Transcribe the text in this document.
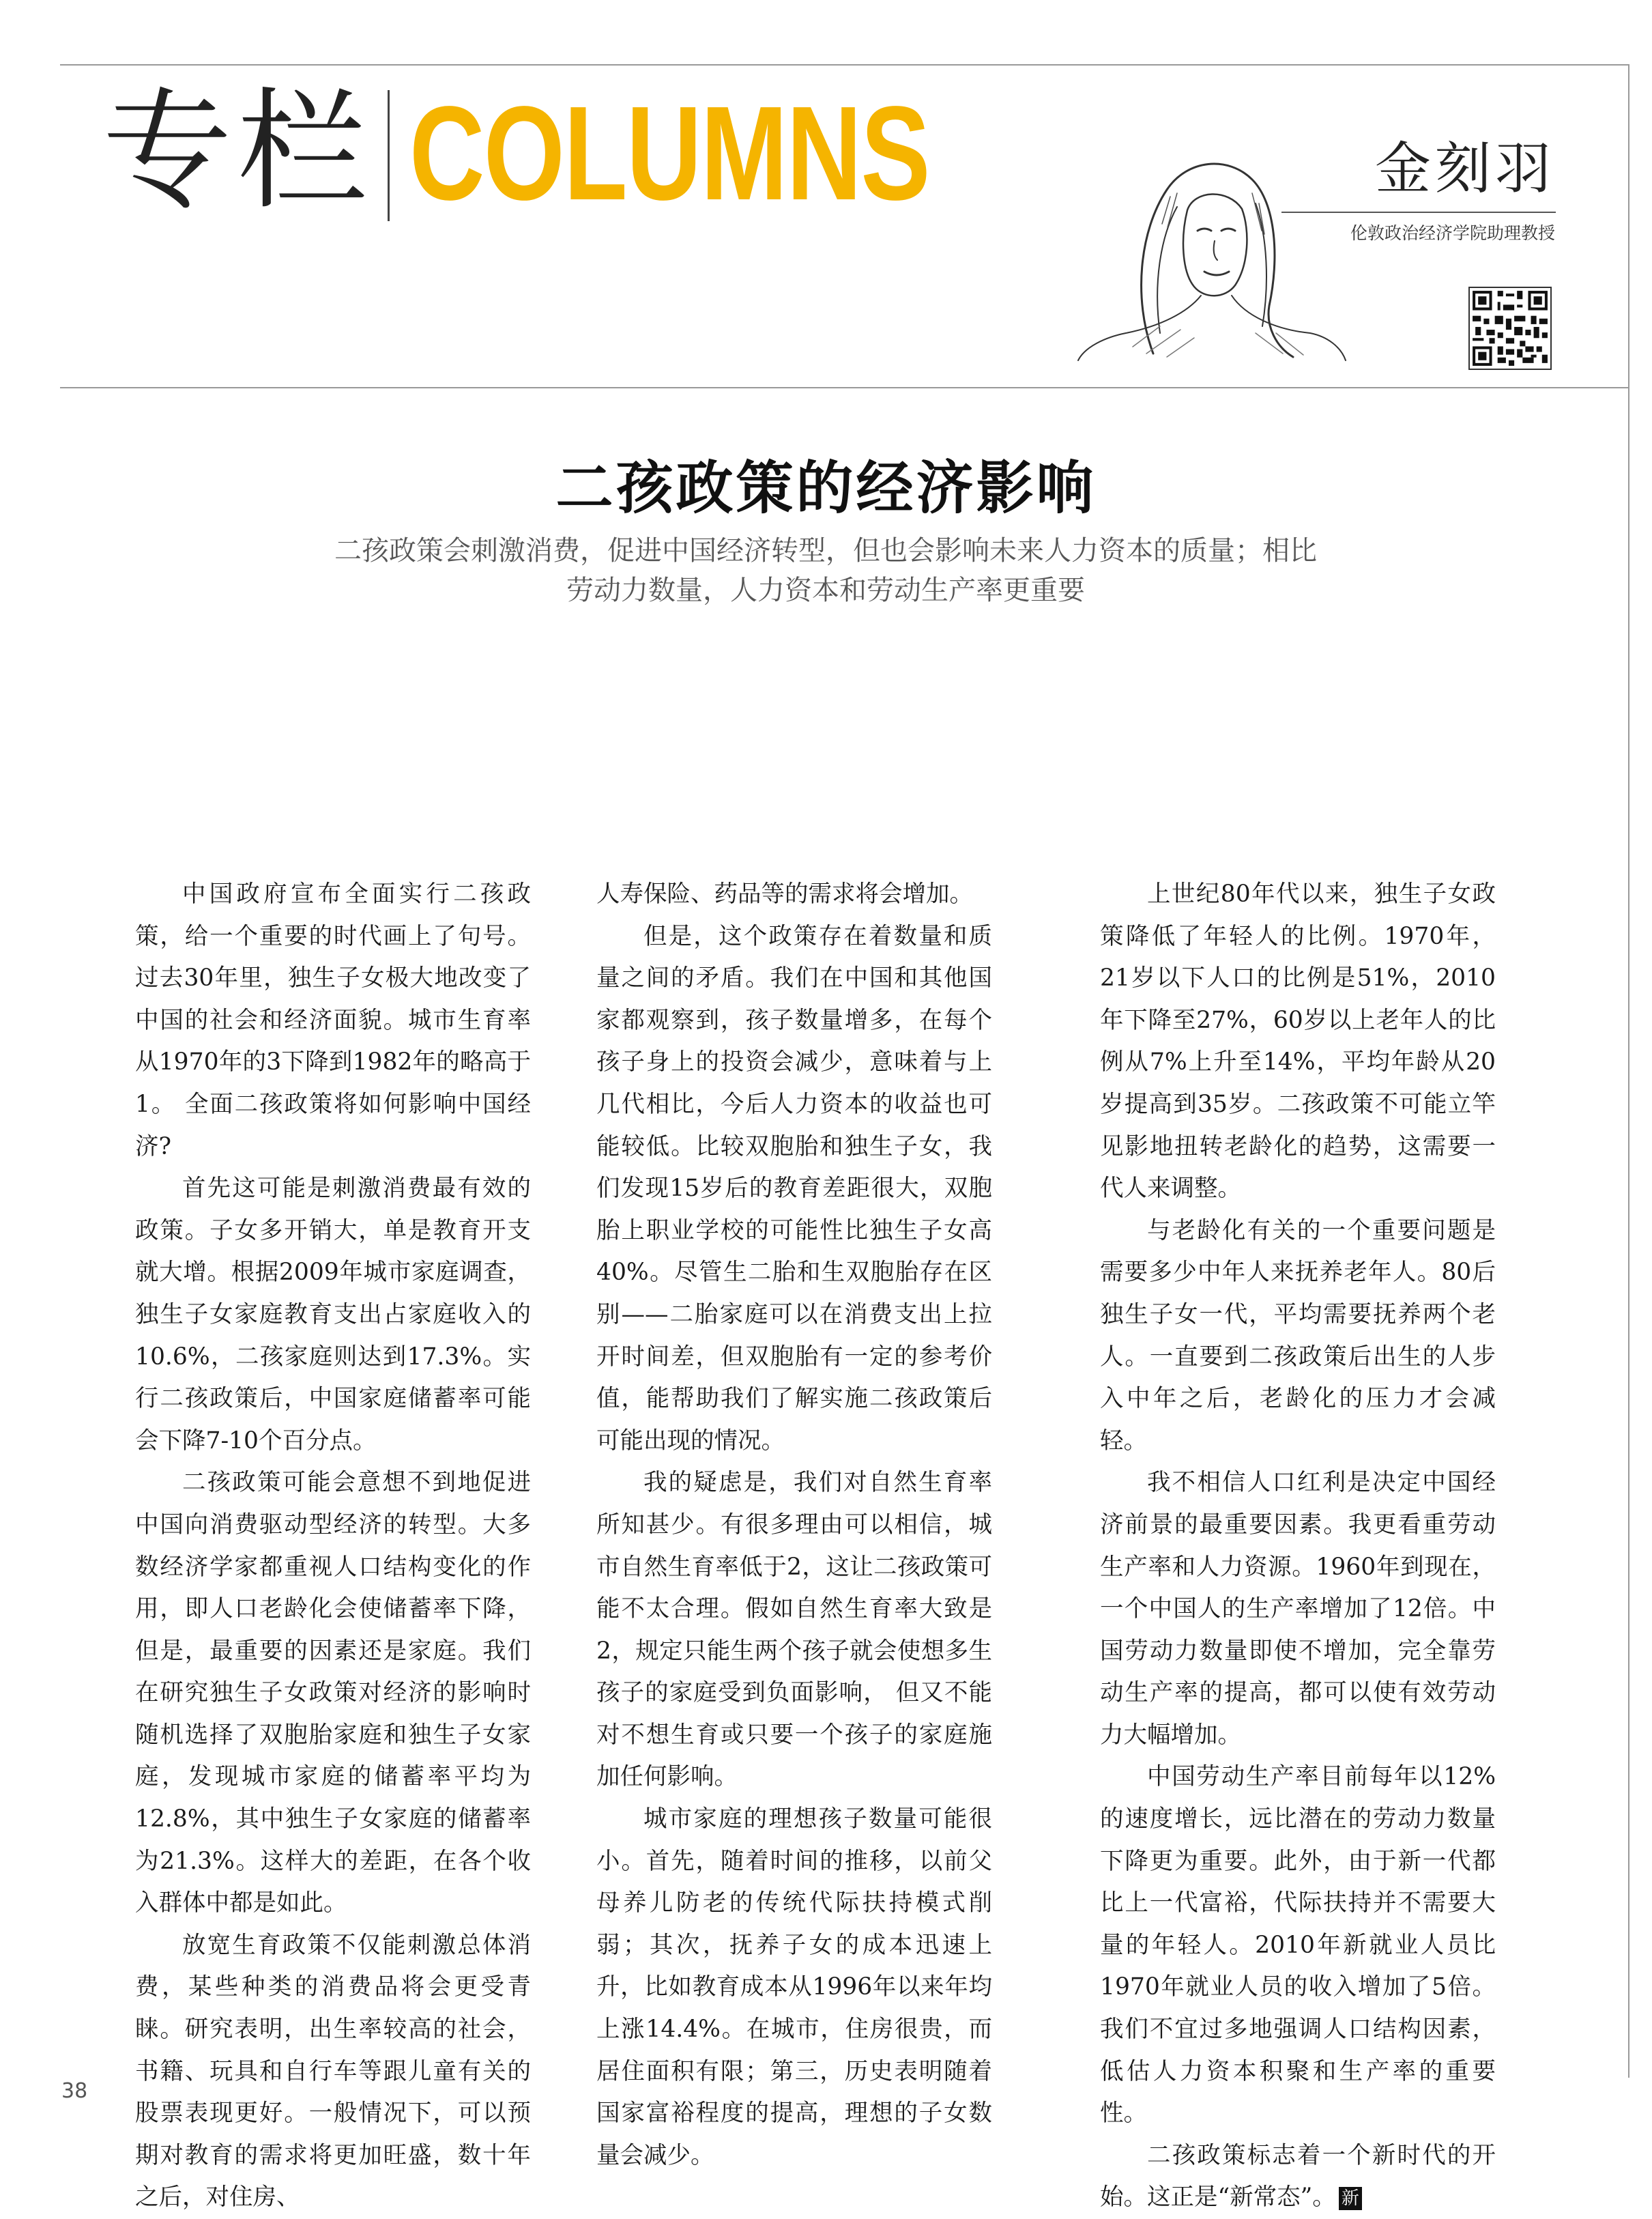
专栏 COLUMNS	金刻羽
伦敦政治经济学院助理教授
二孩政策的经济影响
二孩政策会刺激消费，促进中国经济转型，但也会影响未来人力资本的质量；相比
劳动力数量，人力资本和劳动生产率更重要

中国政府宣布全面实行二孩政策，给一个重要的时代画上了句号。过去30年里，独生子女极大地改变了中国的社会和经济面貌。城市生育率从1970年的3下降到1982年的略高于1。 全面二孩政策将如何影响中国经济?

首先这可能是刺激消费最有效的政策。子女多开销大，单是教育开支就大增。根据2009年城市家庭调查，独生子女家庭教育支出占家庭收入的10.6%，二孩家庭则达到17.3%。实行二孩政策后，中国家庭储蓄率可能会下降7-10个百分点。

二孩政策可能会意想不到地促进中国向消费驱动型经济的转型。大多数经济学家都重视人口结构变化的作用，即人口老龄化会使储蓄率下降，但是，最重要的因素还是家庭。我们在研究独生子女政策对经济的影响时随机选择了双胞胎家庭和独生子女家庭，发现城市家庭的储蓄率平均为12.8%，其中独生子女家庭的储蓄率为21.3%。这样大的差距，在各个收入群体中都是如此。

放宽生育政策不仅能刺激总体消费，某些种类的消费品将会更受青睐。研究表明，出生率较高的社会，书籍、玩具和自行车等跟儿童有关的股票表现更好。一般情况下，可以预期对教育的需求将更加旺盛，数十年之后，对住房、

人寿保险、药品等的需求将会增加。

但是，这个政策存在着数量和质量之间的矛盾。我们在中国和其他国家都观察到，孩子数量增多，在每个孩子身上的投资会减少，意味着与上几代相比，今后人力资本的收益也可能较低。比较双胞胎和独生子女，我们发现15岁后的教育差距很大，双胞胎上职业学校的可能性比独生子女高40%。尽管生二胎和生双胞胎存在区别——二胎家庭可以在消费支出上拉开时间差，但双胞胎有一定的参考价值，能帮助我们了解实施二孩政策后可能出现的情况。

我的疑虑是，我们对自然生育率所知甚少。有很多理由可以相信，城市自然生育率低于2，这让二孩政策可能不太合理。假如自然生育率大致是2，规定只能生两个孩子就会使想多生孩子的家庭受到负面影响， 但又不能对不想生育或只要一个孩子的家庭施加任何影响。

城市家庭的理想孩子数量可能很小。首先，随着时间的推移，以前父母养儿防老的传统代际扶持模式削弱；其次，抚养子女的成本迅速上升，比如教育成本从1996年以来年均上涨14.4%。在城市，住房很贵，而居住面积有限；第三，历史表明随着国家富裕程度的提高，理想的子女数量会减少。

上世纪80年代以来，独生子女政策降低了年轻人的比例。1970年，21岁以下人口的比例是51%，2010年下降至27%，60岁以上老年人的比例从7%上升至14%，平均年龄从20岁提高到35岁。二孩政策不可能立竿见影地扭转老龄化的趋势，这需要一代人来调整。

与老龄化有关的一个重要问题是需要多少中年人来抚养老年人。80后独生子女一代，平均需要抚养两个老人。一直要到二孩政策后出生的人步入中年之后，老龄化的压力才会减轻。

我不相信人口红利是决定中国经济前景的最重要因素。我更看重劳动生产率和人力资源。1960年到现在，一个中国人的生产率增加了12倍。中国劳动力数量即使不增加，完全靠劳动生产率的提高，都可以使有效劳动力大幅增加。

中国劳动生产率目前每年以12%的速度增长，远比潜在的劳动力数量下降更为重要。此外，由于新一代都比上一代富裕，代际扶持并不需要大量的年轻人。2010年新就业人员比1970年就业人员的收入增加了5倍。我们不宜过多地强调人口结构因素，低估人力资本积聚和生产率的重要性。

二孩政策标志着一个新时代的开始。这正是“新常态”。 新

38
